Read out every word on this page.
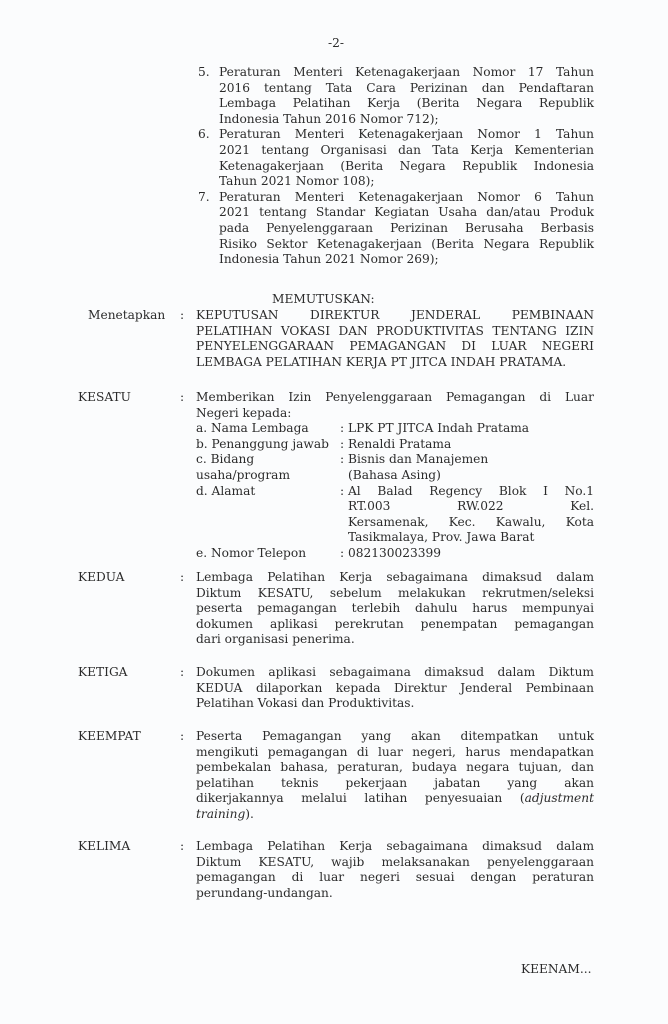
-2-
5. Peraturan Menteri Ketenagakerjaan Nomor 17 Tahun
2016 tentang Tata Cara Perizinan dan Pendaftaran
Lembaga Pelatihan Kerja (Berita Negara Republik
Indonesia Tahun 2016 Nomor 712);
6. Peraturan Menteri Ketenagakerjaan Nomor 1 Tahun
2021 tentang Organisasi dan Tata Kerja Kementerian
Ketenagakerjaan (Berita Negara Republik Indonesia
Tahun 2021 Nomor 108);
7. Peraturan Menteri Ketenagakerjaan Nomor 6 Tahun
2021 tentang Standar Kegiatan Usaha dan/atau Produk
pada Penyelenggaraan Perizinan Berusaha Berbasis
Risiko Sektor Ketenagakerjaan (Berita Negara Republik
Indonesia Tahun 2021 Nomor 269);
MEMUTUSKAN:
Menetapkan	: KEPUTUSAN DIREKTUR JENDERAL PEMBINAAN
PELATIHAN VOKASI DAN PRODUKTIVITAS TENTANG IZIN
PENYELENGGARAAN PEMAGANGAN DI LUAR NEGERI
LEMBAGA PELATIHAN KERJA PT JITCA INDAH PRATAMA.
KESATU	: Memberikan Izin Penyelenggaraan Pemagangan di Luar
Negeri kepada:
a. Nama Lembaga	: LPK PT JITCA Indah Pratama
b. Penanggung jawab : Renaldi Pratama
c. Bidang usaha/program
: Bisnis dan Manajemen
(Bahasa Asing)
d. Alamat	: Al Balad Regency Blok I No.1
RT.003 RW.022 Kel.
Kersamenak, Kec. Kawalu, Kota
Tasikmalaya, Prov. Jawa Barat
e. Nomor Telepon	: 082130023399
KEDUA	: Lembaga Pelatihan Kerja sebagaimana dimaksud dalam
Diktum KESATU, sebelum melakukan rekrutmen/seleksi
peserta pemagangan terlebih dahulu harus mempunyai
dokumen aplikasi perekrutan penempatan pemagangan
dari organisasi penerima.
KETIGA	: Dokumen aplikasi sebagaimana dimaksud dalam Diktum
KEDUA dilaporkan kepada Direktur Jenderal Pembinaan
Pelatihan Vokasi dan Produktivitas.
KEEMPAT	: Peserta Pemagangan yang akan ditempatkan untuk
mengikuti pemagangan di luar negeri, harus mendapatkan
pembekalan bahasa, peraturan, budaya negara tujuan, dan
pelatihan teknis pekerjaan jabatan yang akan
dikerjakannya melalui latihan penyesuaian (adjustment
training).
KELIMA	: Lembaga Pelatihan Kerja sebagaimana dimaksud dalam
Diktum KESATU, wajib melaksanakan penyelenggaraan
pemagangan di luar negeri sesuai dengan peraturan
perundang-undangan.
KEENAM...
